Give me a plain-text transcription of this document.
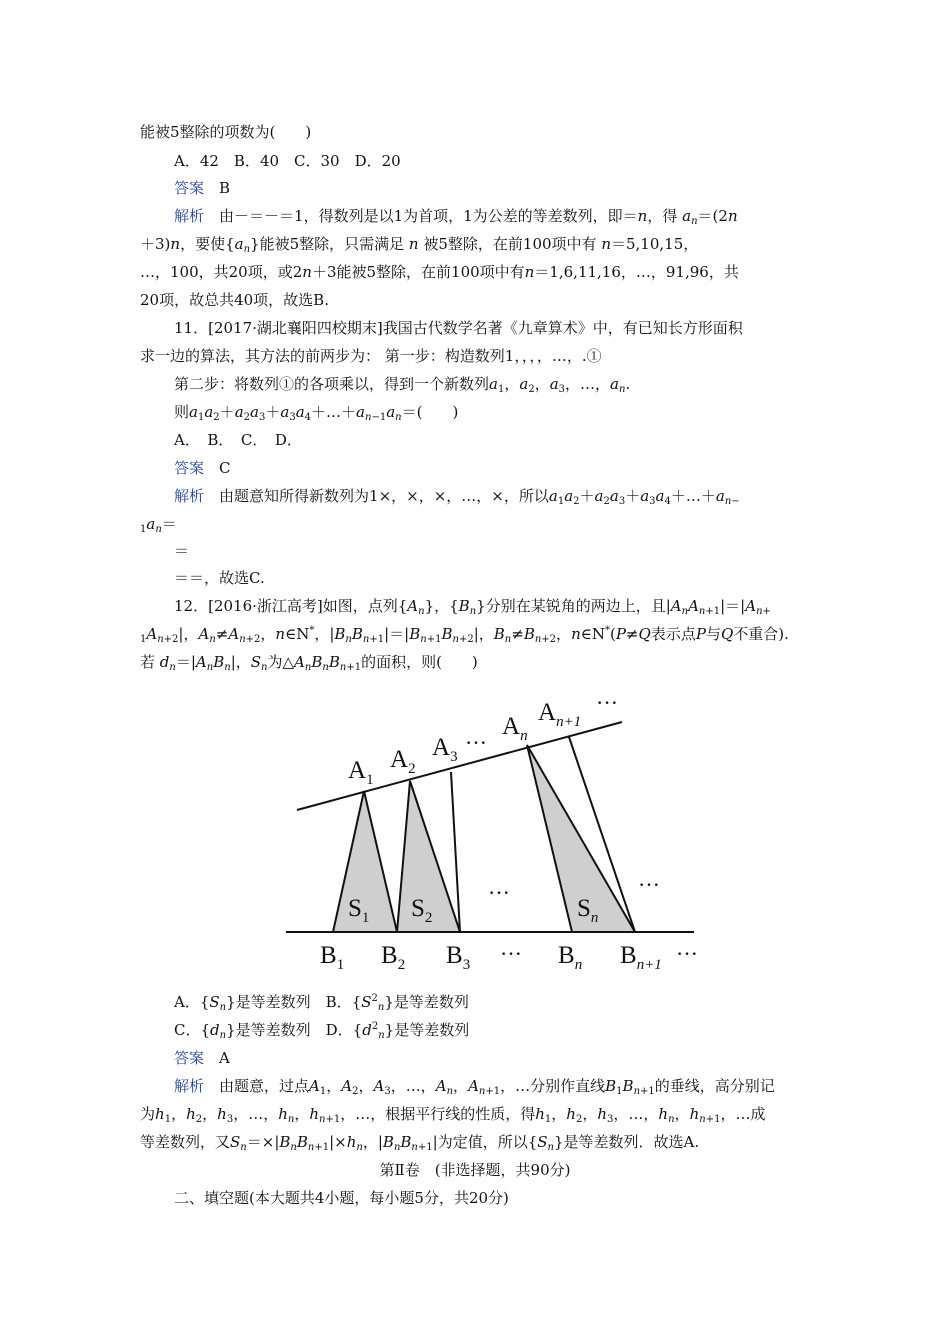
能被5整除的项数为(　　)
A．42　B．40　C．30　D．20
答案　 B
解析　 由－＝－＝1，得数列是以1为首项，1为公差的等差数列，即＝n，得 $a_n=(2n$
＋3)n，要使$\{a_n\}$能被5整除，只需满足 n 被5整除，在前100项中有 n＝5,10,15，
…，100，共20项，或2n＋3能被5整除，在前100项中有n＝1,6,11,16，…，91,96，共
20项，故总共40项，故选B.
11．[2017·湖北襄阳四校期末]我国古代数学名著《九章算术》中，有已知长方形面积
求一边的算法，其方法的前两步为： 第一步：构造数列1，，，，…，.①
第二步：将数列①的各项乘以，得到一个新数列$a_1$，$a_2$，$a_3$，…，$a_n$.
则$a_1a_2+a_2a_3+a_3a_4+\dots+a_{n-1}a_n=$(　　)
A．　B．　C．　D．
答案　 C
解析　 由题意知所得新数列为1×，×，×，…，×，所以$a_1a_2+a_2a_3+a_3a_4+\dots+a_{n-}$
$_1a_n=$
＝
＝＝，故选C.
12．[2016·浙江高考]如图，点列$\{A_n\}$，$\{B_n\}$分别在某锐角的两边上，且$|A_nA_{n+1}|=|A_{n+}$
$_1A_{n+2}|$，$A_n\ne A_{n+2}$，n∈N*，$|B_nB_{n+1}|=|B_{n+1}B_{n+2}|$，$B_n\ne B_{n+2}$，n∈N*(P≠Q表示点P与Q不重合).
若 $d_n=|A_nB_n|$，$S_n$为$\triangle A_nB_nB_{n+1}$的面积，则(　　)
$A_1$
$A_2$
$A_3$
···
$A_n$
$A_{n+1}$
···
$S_1$ $S_2$
···
$S_n$
···
$B_1$ $B_2$ $B_3$ ··· $B_n$ $B_{n+1}$ ···
A．$\{S_n\}$是等差数列　B．$\{S^2_n\}$是等差数列
C．$\{d_n\}$是等差数列　D．$\{d^2_n\}$是等差数列
答案　 A
解析　 由题意，过点$A_1$，$A_2$，$A_3$，…，$A_n$，$A_{n+1}$，…分别作直线$B_1B_{n+1}$的垂线，高分别记
为$h_1$，$h_2$，$h_3$，…，$h_n$，$h_{n+1}$，…，根据平行线的性质，得$h_1$，$h_2$，$h_3$，…，$h_n$，$h_{n+1}$，…成
等差数列，又$S_n=\times|B_nB_{n+1}|\times h_n$，$|B_nB_{n+1}|$为定值，所以$\{S_n\}$是等差数列．故选A.
第Ⅱ卷　(非选择题，共90分)
二、填空题(本大题共4小题，每小题5分，共20分)
